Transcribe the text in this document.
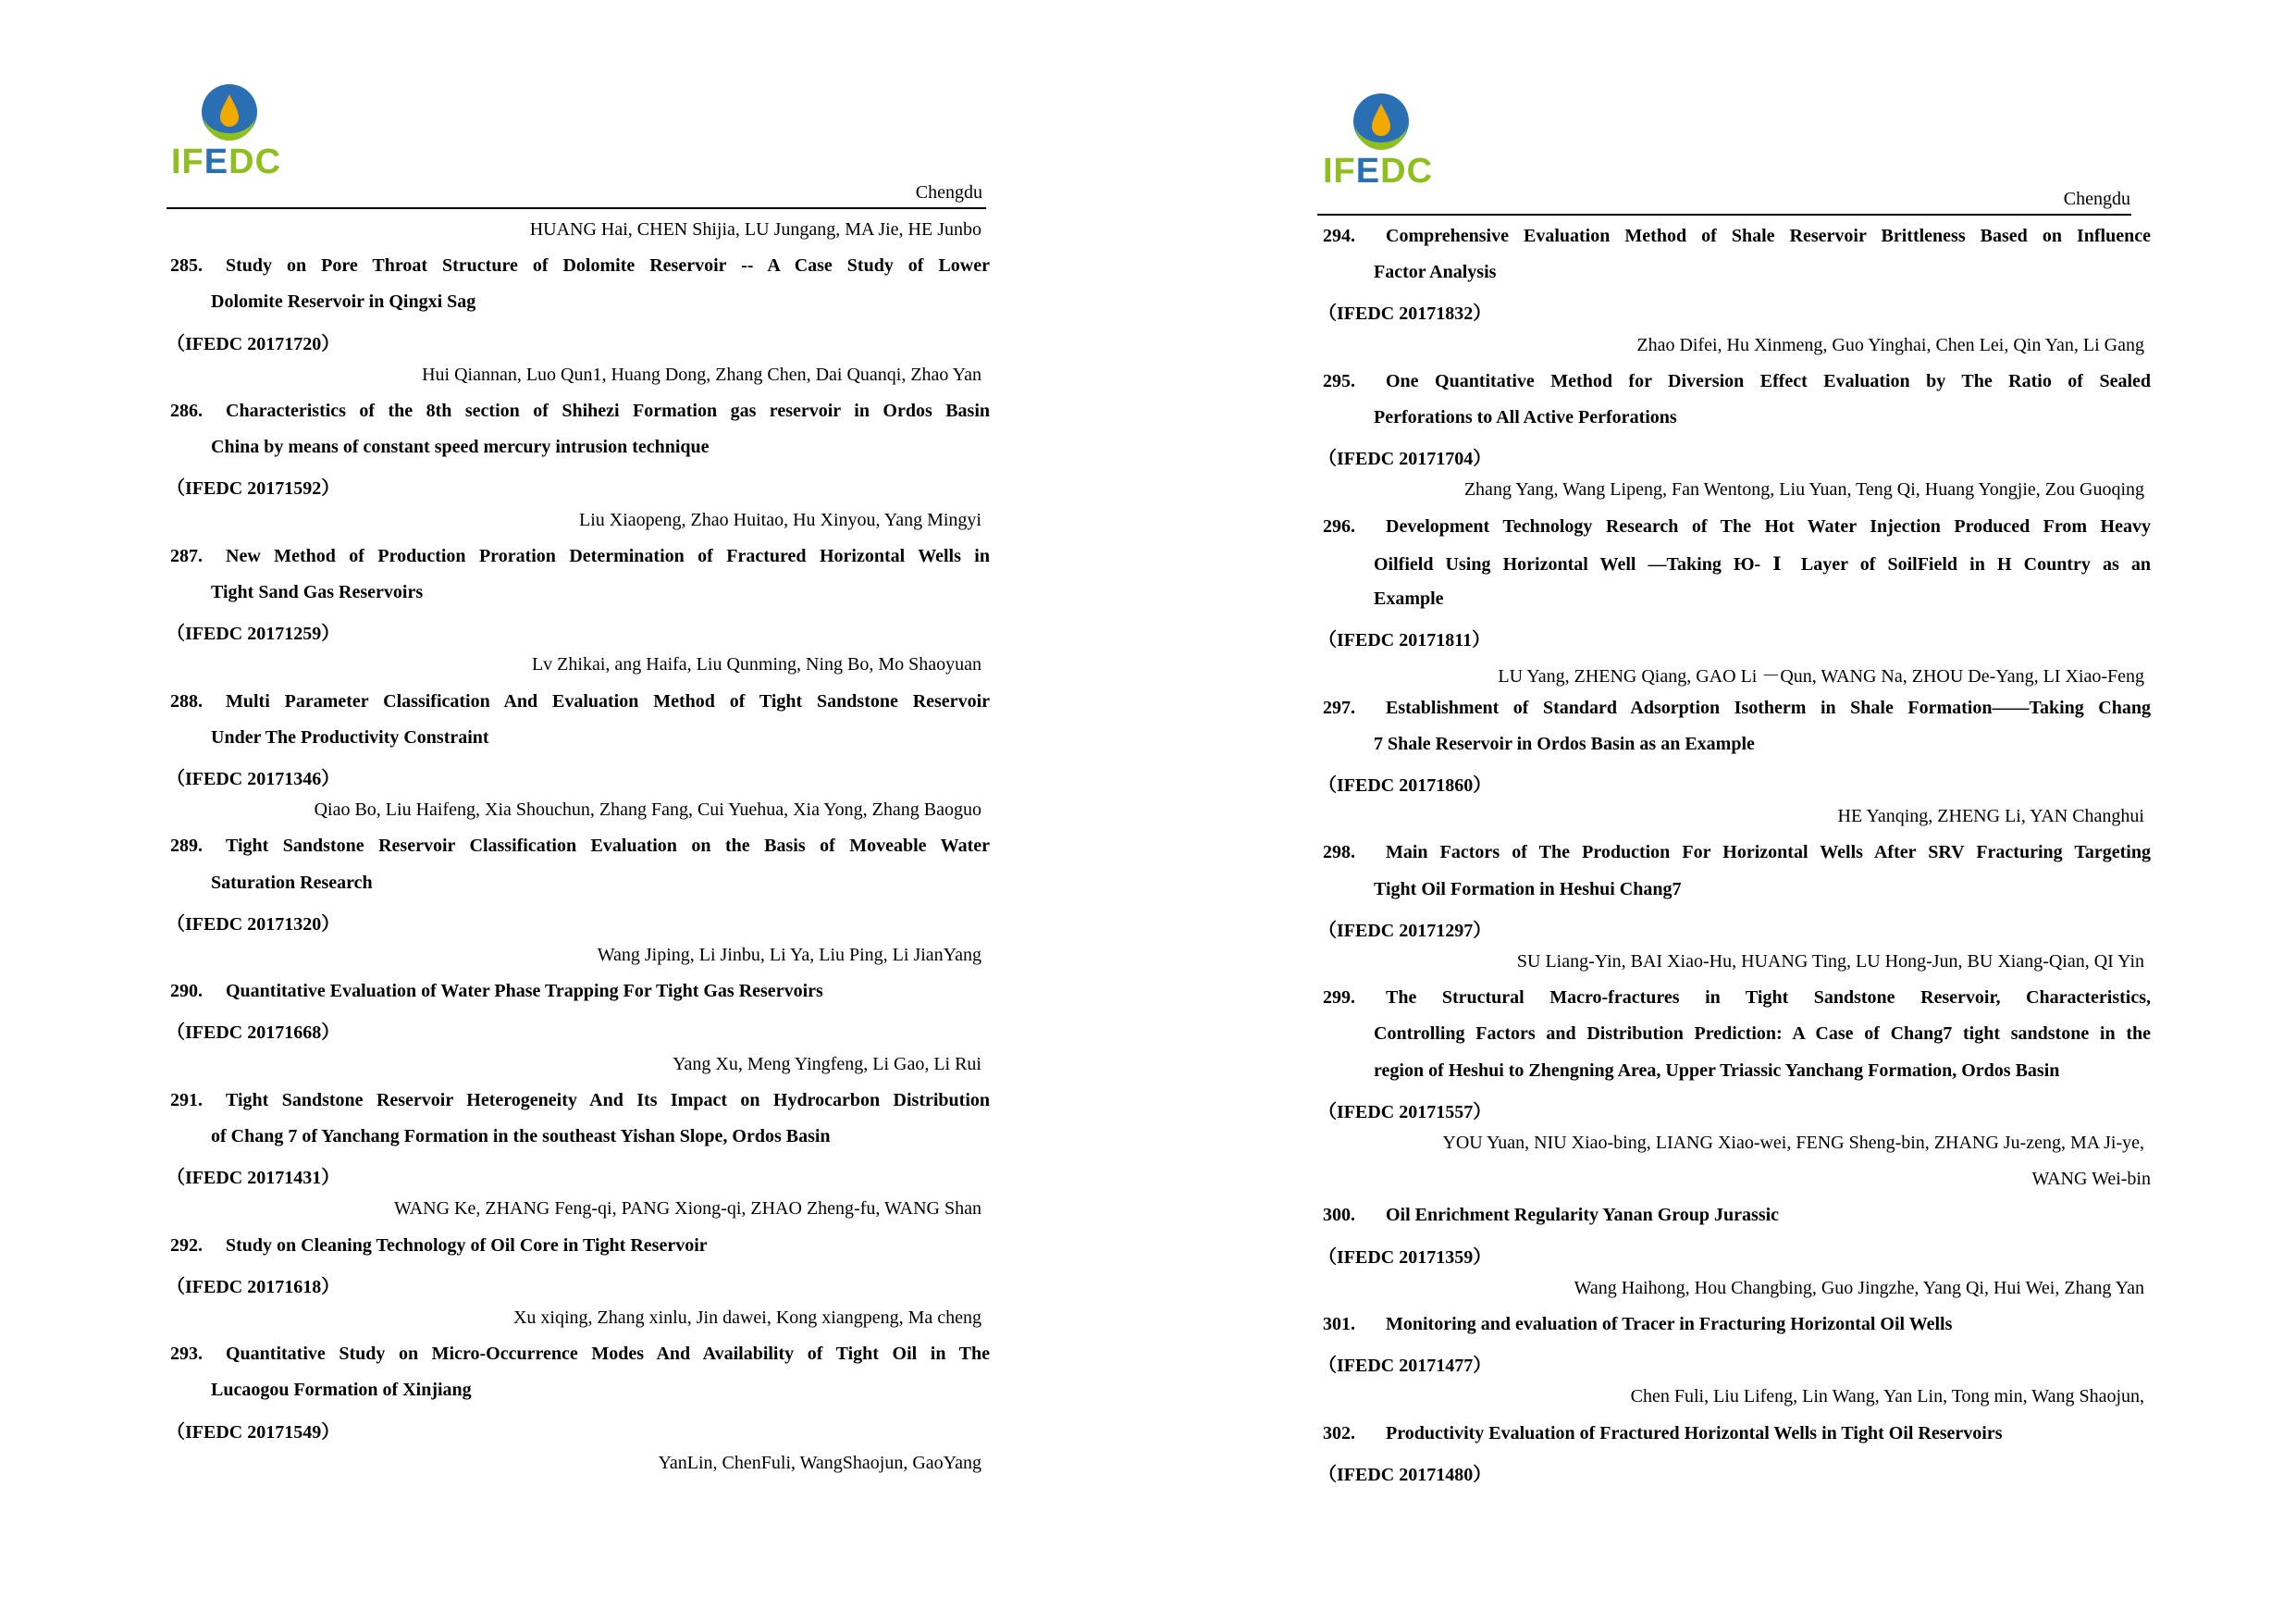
IFEDC
Chengdu
HUANG Hai, CHEN Shijia, LU Jungang, MA Jie, HE Junbo
285. Study on Pore Throat Structure of Dolomite Reservoir -- A Case Study of Lower
Dolomite Reservoir in Qingxi Sag
（IFEDC 20171720）
Hui Qiannan, Luo Qun1, Huang Dong, Zhang Chen, Dai Quanqi, Zhao Yan
286. Characteristics of the 8th section of Shihezi Formation gas reservoir in Ordos Basin
China by means of constant speed mercury intrusion technique
（IFEDC 20171592）
Liu Xiaopeng, Zhao Huitao, Hu Xinyou, Yang Mingyi
287. New Method of Production Proration Determination of Fractured Horizontal Wells in
Tight Sand Gas Reservoirs
（IFEDC 20171259）
Lv Zhikai, ang Haifa, Liu Qunming, Ning Bo, Mo Shaoyuan
288. Multi Parameter Classification And Evaluation Method of Tight Sandstone Reservoir
Under The Productivity Constraint
（IFEDC 20171346）
Qiao Bo, Liu Haifeng, Xia Shouchun, Zhang Fang, Cui Yuehua, Xia Yong, Zhang Baoguo
289. Tight Sandstone Reservoir Classification Evaluation on the Basis of Moveable Water
Saturation Research
（IFEDC 20171320）
Wang Jiping, Li Jinbu, Li Ya, Liu Ping, Li JianYang
290. Quantitative Evaluation of Water Phase Trapping For Tight Gas Reservoirs
（IFEDC 20171668）
Yang Xu, Meng Yingfeng, Li Gao, Li Rui
291. Tight Sandstone Reservoir Heterogeneity And Its Impact on Hydrocarbon Distribution
of Chang 7 of Yanchang Formation in the southeast Yishan Slope, Ordos Basin
（IFEDC 20171431）
WANG Ke, ZHANG Feng-qi, PANG Xiong-qi, ZHAO Zheng-fu, WANG Shan
292. Study on Cleaning Technology of Oil Core in Tight Reservoir
（IFEDC 20171618）
Xu xiqing, Zhang xinlu, Jin dawei, Kong xiangpeng, Ma cheng
293. Quantitative Study on Micro-Occurrence Modes And Availability of Tight Oil in The
Lucaogou Formation of Xinjiang
（IFEDC 20171549）
YanLin, ChenFuli, WangShaojun, GaoYang
IFEDC
Chengdu
294. Comprehensive Evaluation Method of Shale Reservoir Brittleness Based on Influence
Factor Analysis
（IFEDC 20171832）
Zhao Difei, Hu Xinmeng, Guo Yinghai, Chen Lei, Qin Yan, Li Gang
295. One Quantitative Method for Diversion Effect Evaluation by The Ratio of Sealed
Perforations to All Active Perforations
（IFEDC 20171704）
Zhang Yang, Wang Lipeng, Fan Wentong, Liu Yuan, Teng Qi, Huang Yongjie, Zou Guoqing
296. Development Technology Research of The Hot Water Injection Produced From Heavy
Oilfield Using Horizontal Well —Taking Ю- Ⅰ Layer of SoilField in H Country as an
Example
（IFEDC 20171811）
LU Yang, ZHENG Qiang, GAO Li －Qun, WANG Na, ZHOU De-Yang, LI Xiao-Feng
297. Establishment of Standard Adsorption Isotherm in Shale Formation——Taking Chang
7 Shale Reservoir in Ordos Basin as an Example
（IFEDC 20171860）
HE Yanqing, ZHENG Li, YAN Changhui
298. Main Factors of The Production For Horizontal Wells After SRV Fracturing Targeting
Tight Oil Formation in Heshui Chang7
（IFEDC 20171297）
SU Liang-Yin, BAI Xiao-Hu, HUANG Ting, LU Hong-Jun, BU Xiang-Qian, QI Yin
299. The Structural Macro-fractures in Tight Sandstone Reservoir, Characteristics,
Controlling Factors and Distribution Prediction: A Case of Chang7 tight sandstone in the
region of Heshui to Zhengning Area, Upper Triassic Yanchang Formation, Ordos Basin
（IFEDC 20171557）
YOU Yuan, NIU Xiao-bing, LIANG Xiao-wei, FENG Sheng-bin, ZHANG Ju-zeng, MA Ji-ye,
WANG Wei-bin
300. Oil Enrichment Regularity Yanan Group Jurassic
（IFEDC 20171359）
Wang Haihong, Hou Changbing, Guo Jingzhe, Yang Qi, Hui Wei, Zhang Yan
301. Monitoring and evaluation of Tracer in Fracturing Horizontal Oil Wells
（IFEDC 20171477）
Chen Fuli, Liu Lifeng, Lin Wang, Yan Lin, Tong min, Wang Shaojun,
302. Productivity Evaluation of Fractured Horizontal Wells in Tight Oil Reservoirs
（IFEDC 20171480）
